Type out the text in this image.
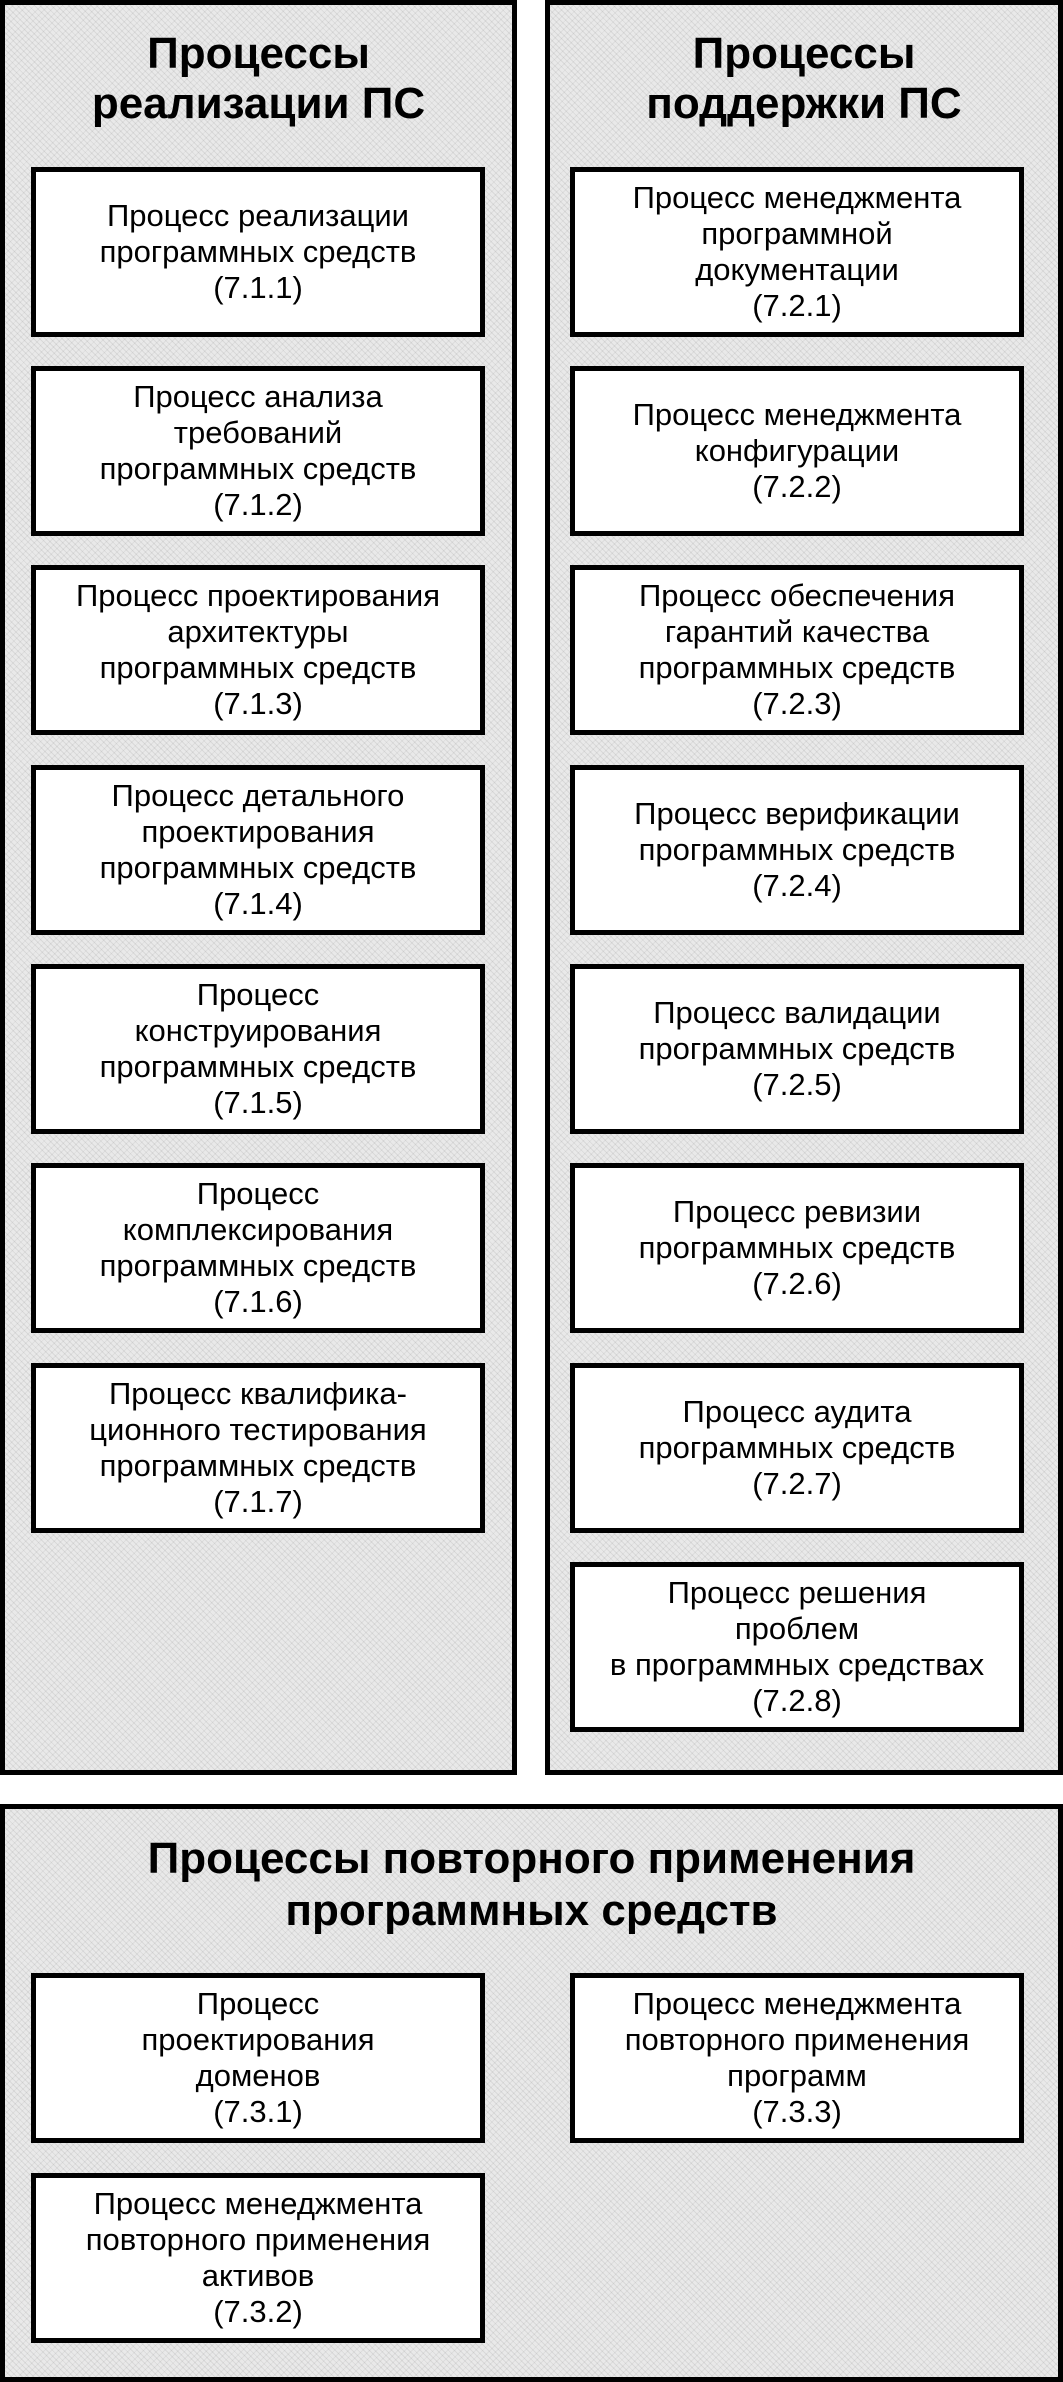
Процессы
реализации ПС
Процесс реализации
программных средств
(7.1.1)
Процесс анализа
требований
программных средств
(7.1.2)
Процесс проектирования
архитектуры
программных средств
(7.1.3)
Процесс детального
проектирования
программных средств
(7.1.4)
Процесс
конструирования
программных средств
(7.1.5)
Процесс
комплексирования
программных средств
(7.1.6)
Процесс квалифика-
ционного тестирования
программных средств
(7.1.7)
Процессы
поддержки ПС
Процесс менеджмента
программной
документации
(7.2.1)
Процесс менеджмента
конфигурации
(7.2.2)
Процесс обеспечения
гарантий качества
программных средств
(7.2.3)
Процесс верификации
программных средств
(7.2.4)
Процесс валидации
программных средств
(7.2.5)
Процесс ревизии
программных средств
(7.2.6)
Процесс аудита
программных средств
(7.2.7)
Процесс решения
проблем
в программных средствах
(7.2.8)
Процессы повторного применения
программных средств
Процесс
проектирования
доменов
(7.3.1)
Процесс менеджмента
повторного применения
активов
(7.3.2)
Процесс менеджмента
повторного применения
программ
(7.3.3)
